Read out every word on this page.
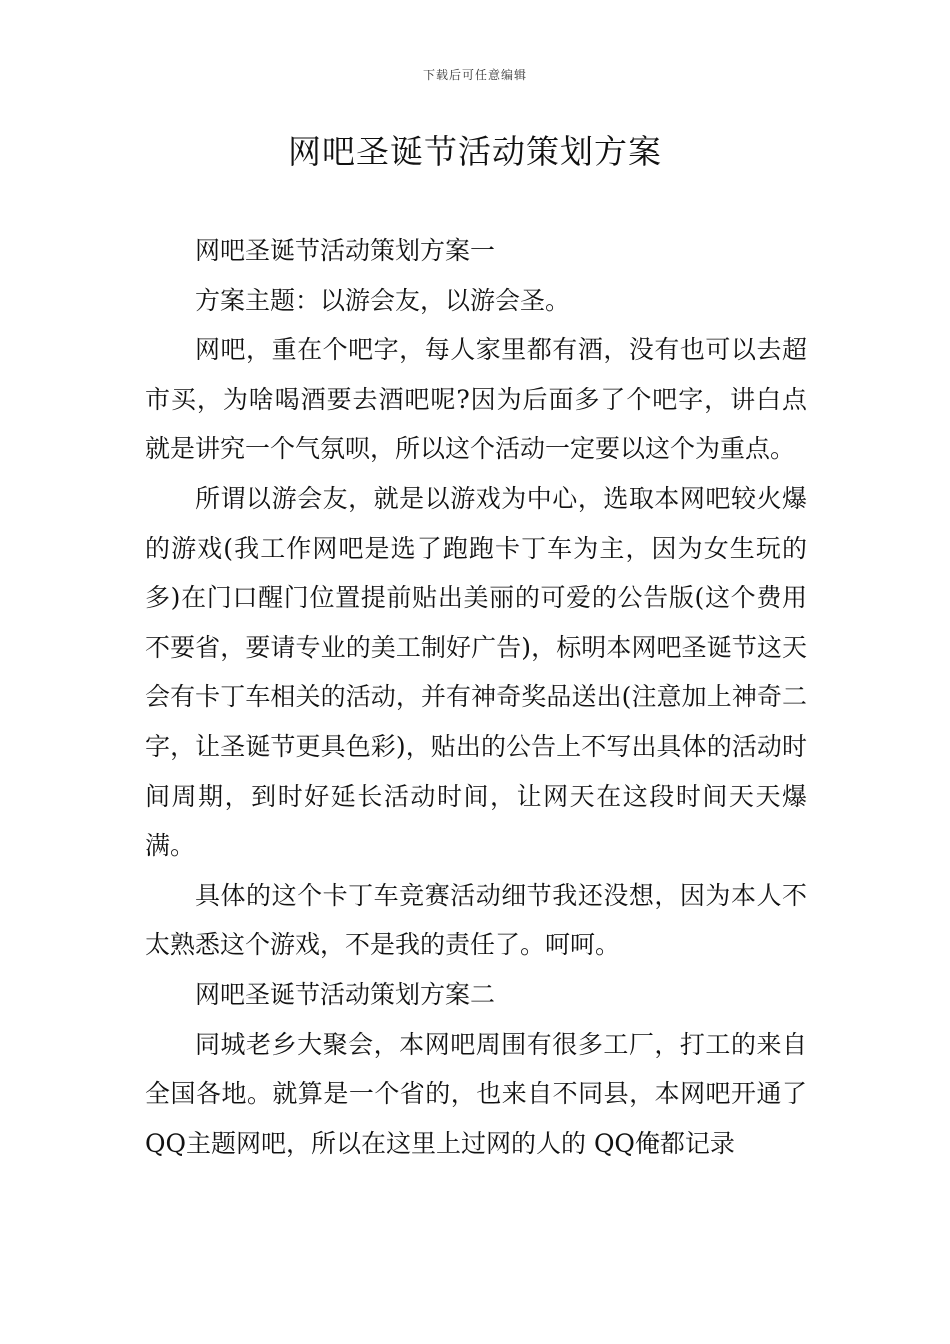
下载后可任意编辑
网吧圣诞节活动策划方案

网吧圣诞节活动策划方案一

方案主题：以游会友，以游会圣。

网吧，重在个吧字，每人家里都有酒，没有也可以去超市买，为啥喝酒要去酒吧呢?因为后面多了个吧字，讲白点就是讲究一个气氛呗，所以这个活动一定要以这个为重点。

所谓以游会友，就是以游戏为中心，选取本网吧较火爆的游戏(我工作网吧是选了跑跑卡丁车为主，因为女生玩的多)在门口醒门位置提前贴出美丽的可爱的公告版(这个费用不要省，要请专业的美工制好广告)，标明本网吧圣诞节这天会有卡丁车相关的活动，并有神奇奖品送出(注意加上神奇二字，让圣诞节更具色彩)，贴出的公告上不写出具体的活动时间周期，到时好延长活动时间，让网天在这段时间天天爆满。

具体的这个卡丁车竞赛活动细节我还没想，因为本人不太熟悉这个游戏，不是我的责任了。呵呵。

网吧圣诞节活动策划方案二

同城老乡大聚会，本网吧周围有很多工厂，打工的来自全国各地。就算是一个省的，也来自不同县，本网吧开通了QQ主题网吧，所以在这里上过网的人的 QQ俺都记录
